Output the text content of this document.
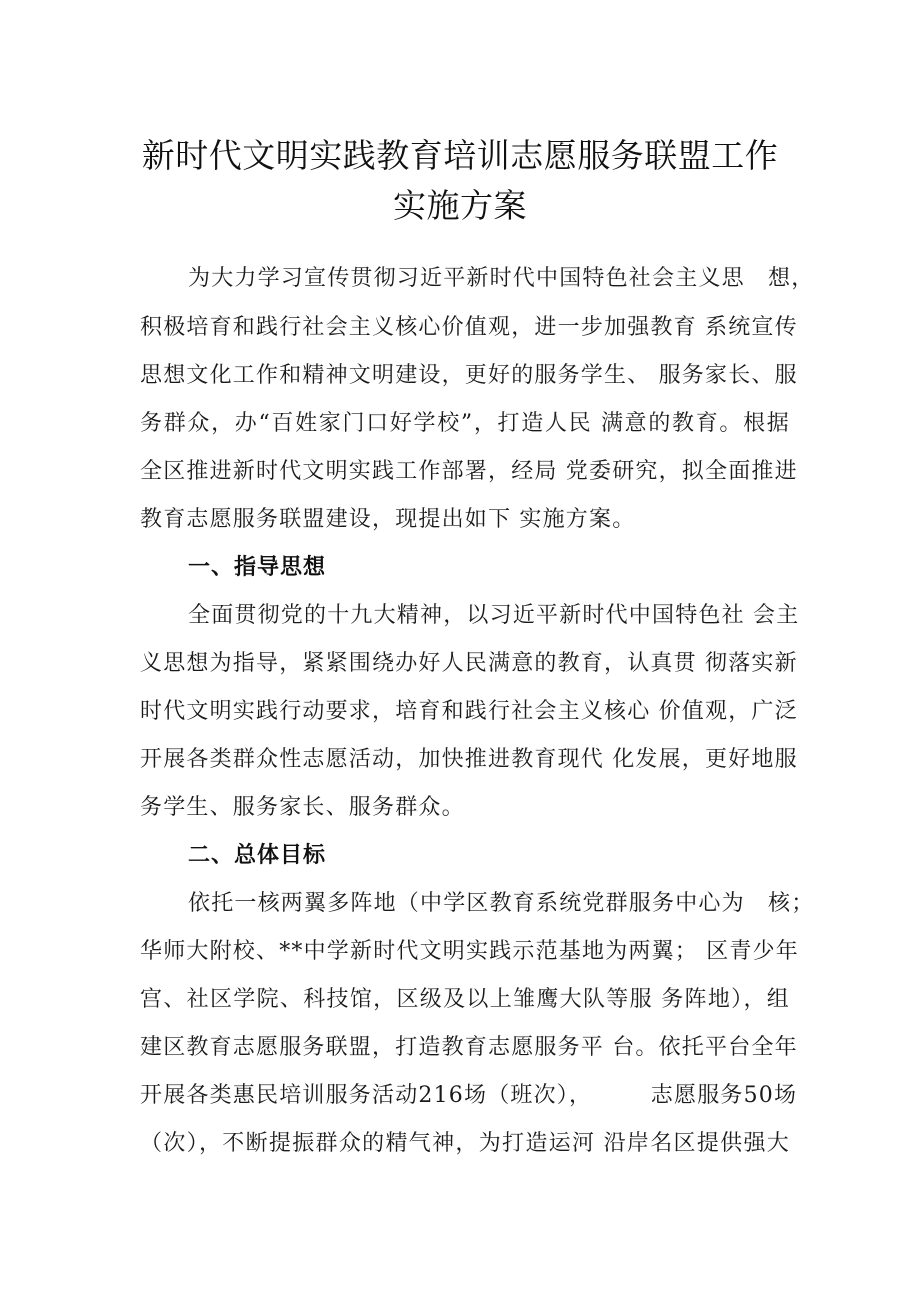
新时代文明实践教育培训志愿服务联盟工作
实施方案
为大力学习宣传贯彻习近平新时代中国特色社会主义思　想，
积极培育和践行社会主义核心价值观，进一步加强教育 系统宣传
思想文化工作和精神文明建设，更好的服务学生、 服务家长、服
务群众，办“百姓家门口好学校”，打造人民 满意的教育。根据
全区推进新时代文明实践工作部署，经局 党委研究，拟全面推进
教育志愿服务联盟建设，现提出如下 实施方案。
一、指导思想
全面贯彻党的十九大精神，以习近平新时代中国特色社 会主
义思想为指导，紧紧围绕办好人民满意的教育，认真贯 彻落实新
时代文明实践行动要求，培育和践行社会主义核心 价值观，广泛
开展各类群众性志愿活动，加快推进教育现代 化发展，更好地服
务学生、服务家长、服务群众。
二、总体目标
依托一核两翼多阵地（中学区教育系统党群服务中心为　核；
华师大附校、**中学新时代文明实践示范基地为两翼； 区青少年
宫、社区学院、科技馆，区级及以上雏鹰大队等服 务阵地），组
建区教育志愿服务联盟，打造教育志愿服务平 台。依托平台全年
开展各类惠民培训服务活动216场（班次），　　　志愿服务50场
（次），不断提振群众的精气神，为打造运河 沿岸名区提供强大
